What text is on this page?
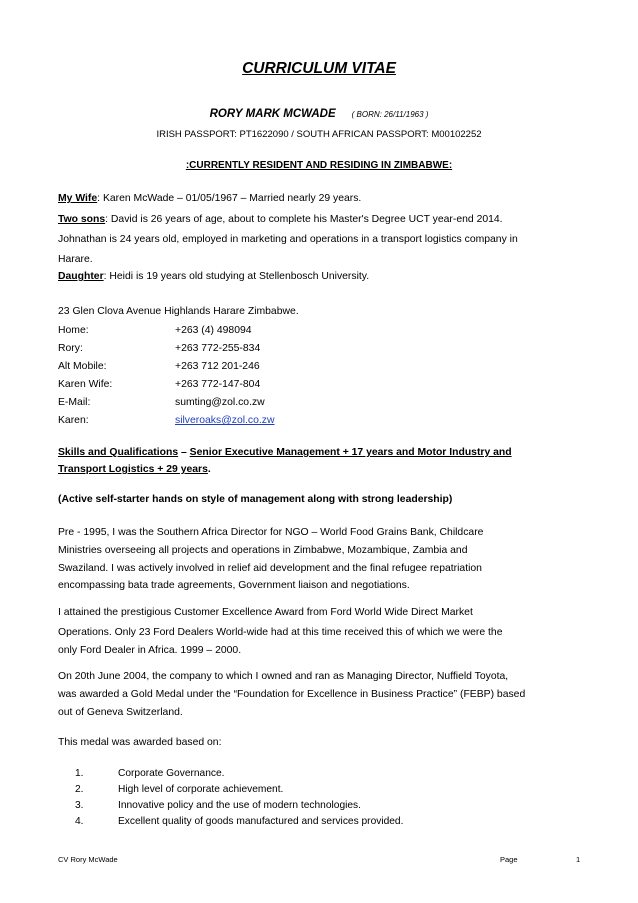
CURRICULUM VITAE
RORY MARK MCWADE ( BORN: 26/11/1963 )
IRISH PASSPORT: PT1622090 / SOUTH AFRICAN PASSPORT: M00102252
:CURRENTLY RESIDENT AND RESIDING IN ZIMBABWE:
My Wife: Karen McWade – 01/05/1967 – Married nearly 29 years.
Two sons: David is 26 years of age, about to complete his Master's Degree UCT year-end 2014.
Johnathan is 24 years old, employed in marketing and operations in a transport logistics company in
Harare.
Daughter: Heidi is 19 years old studying at Stellenbosch University.
23 Glen Clova Avenue Highlands Harare Zimbabwe.
Home:	+263 (4) 498094
Rory:	+263 772-255-834
Alt Mobile:	+263 712 201-246
Karen Wife:	+263 772-147-804
E-Mail:	sumting@zol.co.zw
Karen:	silveroaks@zol.co.zw
Skills and Qualifications – Senior Executive Management + 17 years and Motor Industry and
Transport Logistics + 29 years.
(Active self-starter hands on style of management along with strong leadership)
Pre - 1995, I was the Southern Africa Director for NGO – World Food Grains Bank, Childcare
Ministries overseeing all projects and operations in Zimbabwe, Mozambique, Zambia and
Swaziland. I was actively involved in relief aid development and the final refugee repatriation
encompassing bata trade agreements, Government liaison and negotiations.
I attained the prestigious Customer Excellence Award from Ford World Wide Direct Market
Operations. Only 23 Ford Dealers World-wide had at this time received this of which we were the
only Ford Dealer in Africa. 1999 – 2000.
On 20th June 2004, the company to which I owned and ran as Managing Director, Nuffield Toyota,
was awarded a Gold Medal under the “Foundation for Excellence in Business Practice” (FEBP) based
out of Geneva Switzerland.
This medal was awarded based on:
1.	Corporate Governance.
2.	High level of corporate achievement.
3.	Innovative policy and the use of modern technologies.
4.	Excellent quality of goods manufactured and services provided.
CV Rory McWade	Page	1
